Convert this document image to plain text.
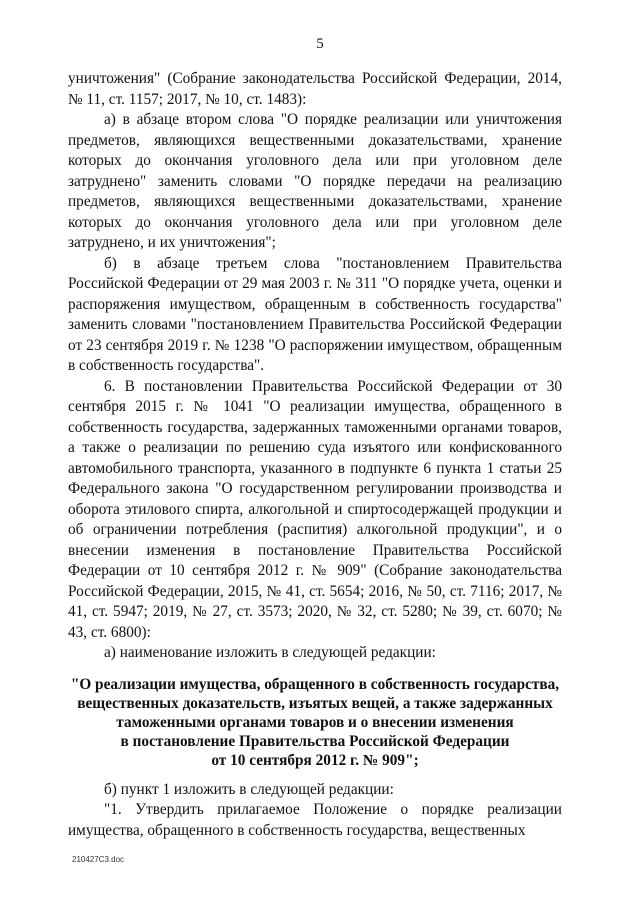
5

уничтожения" (Собрание законодательства Российской Федерации, 2014, № 11, ст. 1157; 2017, № 10, ст. 1483):

а) в абзаце втором слова "О порядке реализации или уничтожения предметов, являющихся вещественными доказательствами, хранение которых до окончания уголовного дела или при уголовном деле затруднено" заменить словами "О порядке передачи на реализацию предметов, являющихся вещественными доказательствами, хранение которых до окончания уголовного дела или при уголовном деле затруднено, и их уничтожения";

б) в абзаце третьем слова "постановлением Правительства Российской Федерации от 29 мая 2003 г. № 311 "О порядке учета, оценки и распоряжения имуществом, обращенным в собственность государства" заменить словами "постановлением Правительства Российской Федерации от 23 сентября 2019 г. № 1238 "О распоряжении имуществом, обращенным в собственность государства".

6. В постановлении Правительства Российской Федерации от 30 сентября 2015 г. № 1041 "О реализации имущества, обращенного в собственность государства, задержанных таможенными органами товаров, а также о реализации по решению суда изъятого или конфискованного автомобильного транспорта, указанного в подпункте 6 пункта 1 статьи 25 Федерального закона "О государственном регулировании производства и оборота этилового спирта, алкогольной и спиртосодержащей продукции и об ограничении потребления (распития) алкогольной продукции", и о внесении изменения в постановление Правительства Российской Федерации от 10 сентября 2012 г. № 909" (Собрание законодательства Российской Федерации, 2015, № 41, ст. 5654; 2016, № 50, ст. 7116; 2017, № 41, ст. 5947; 2019, № 27, ст. 3573; 2020, № 32, ст. 5280; № 39, ст. 6070; № 43, ст. 6800):

а) наименование изложить в следующей редакции:

"О реализации имущества, обращенного в собственность государства,
вещественных доказательств, изъятых вещей, а также задержанных
таможенными органами товаров и о внесении изменения
в постановление Правительства Российской Федерации
от 10 сентября 2012 г. № 909";

б) пункт 1 изложить в следующей редакции:

"1. Утвердить прилагаемое Положение о порядке реализации имущества, обращенного в собственность государства, вещественных

210427C3.doc
